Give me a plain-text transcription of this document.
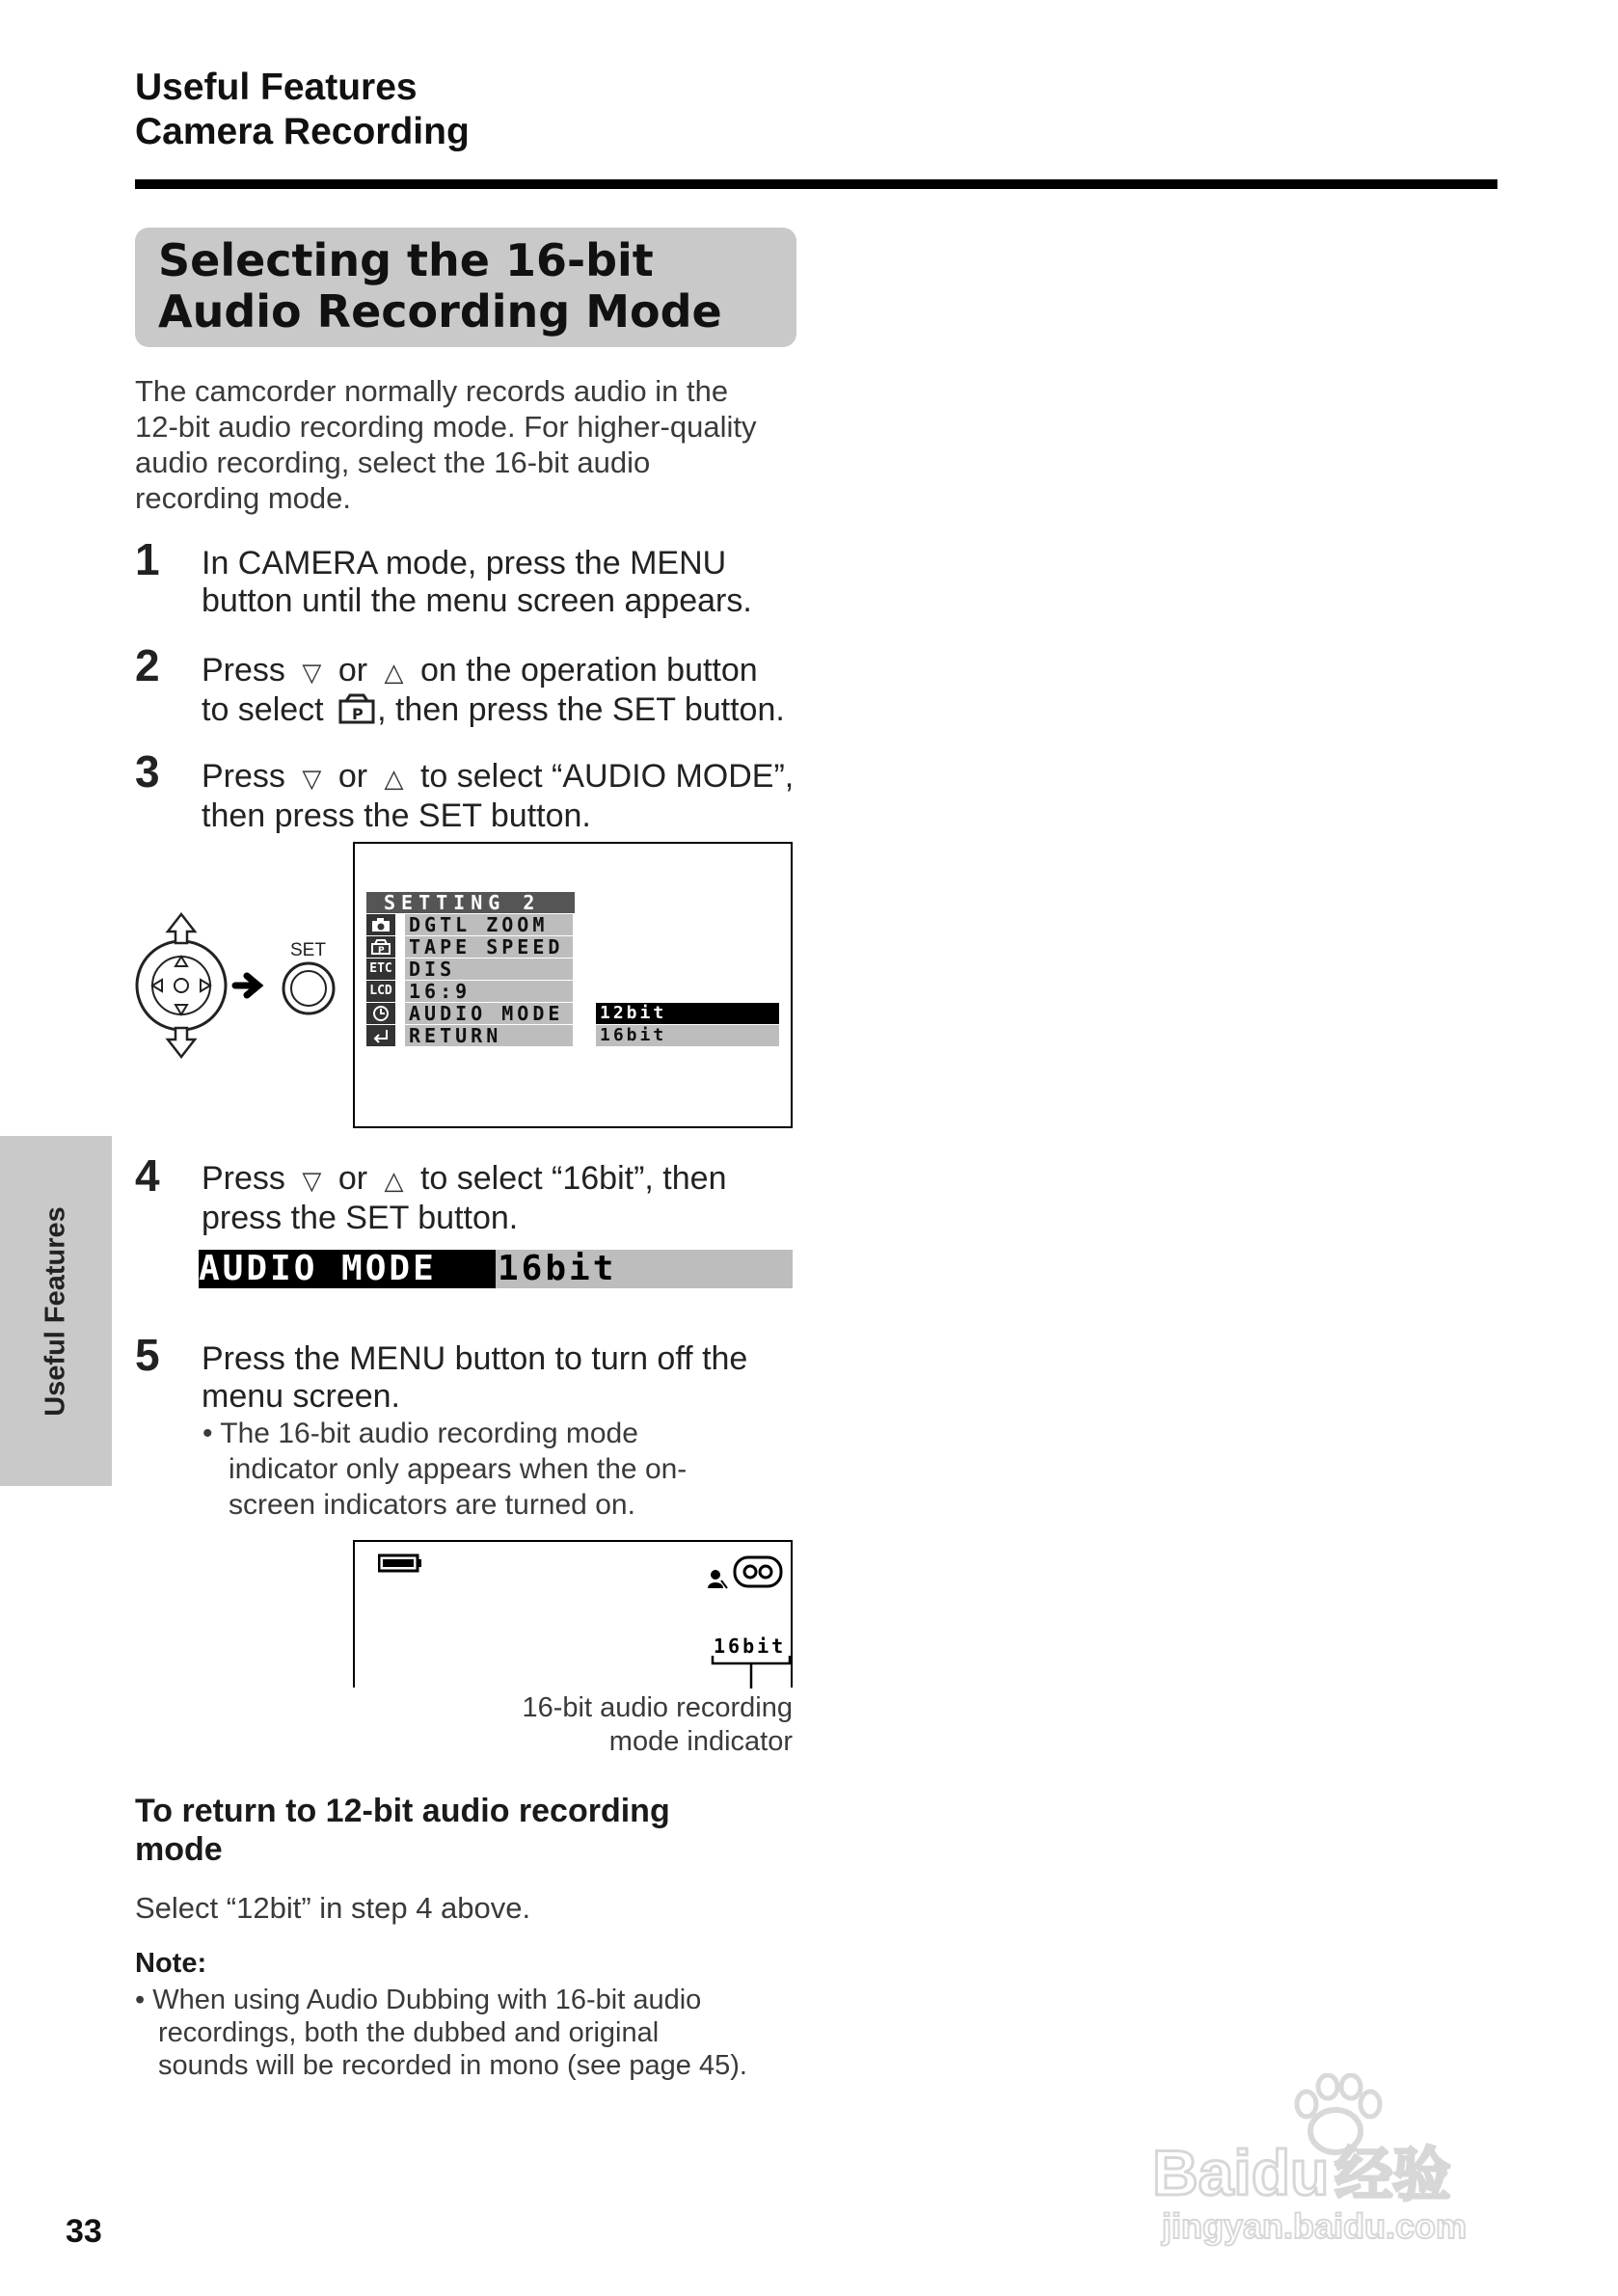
Useful Features
Camera Recording
Selecting the 16-bit
Audio Recording Mode
The camcorder normally records audio in the
12-bit audio recording mode. For higher-quality
audio recording, select the 16-bit audio
recording mode.
1 In CAMERA mode, press the MENU
button until the menu screen appears.
2 Press ▽ or △ on the operation button
to select P , then press the SET button.
3 Press ▽ or △ to select “AUDIO MODE”,
then press the SET button.
SET
SETTING 2
DGTL ZOOM
P TAPE SPEED
ETC DIS
LCD 16:9
AUDIO MODE	12bit
RETURN	16bit
4 Press ▽ or △ to select “16bit”, then
press the SET button.
AUDIO MODE	16bit
5 Press the MENU button to turn off the
menu screen.
• The 16-bit audio recording mode
indicator only appears when the on-
screen indicators are turned on.
16bit
16-bit audio recording
mode indicator
To return to 12-bit audio recording
mode
Select “12bit” in step 4 above.
Note:
• When using Audio Dubbing with 16-bit audio
recordings, both the dubbed and original
sounds will be recorded in mono (see page 45).
Useful Features
33
Baidu 经验
jingyan.baidu.com
